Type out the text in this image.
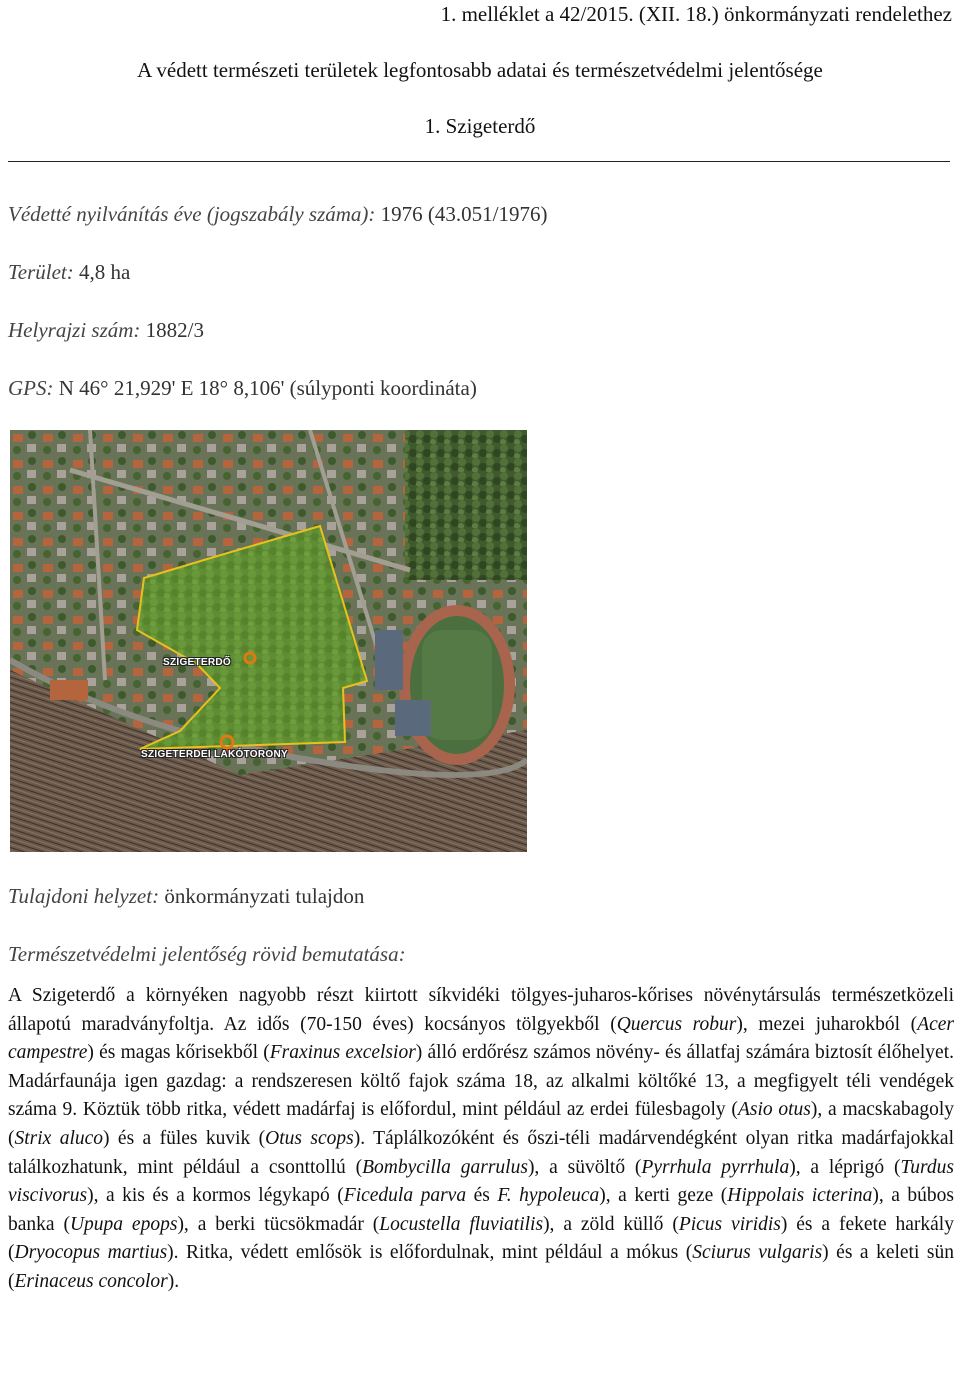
1. melléklet a 42/2015. (XII. 18.) önkormányzati rendelethez
A védett természeti területek legfontosabb adatai és természetvédelmi jelentősége
1. Szigeterdő
Védetté nyilvánítás éve (jogszabály száma): 1976 (43.051/1976)
Terület: 4,8 ha
Helyrajzi szám: 1882/3
GPS: N 46° 21,929' E 18° 8,106' (súlyponti koordináta)
SZIGETERDŐ
SZIGETERDEI LAKÓTORONY
Tulajdoni helyzet: önkormányzati tulajdon
Természetvédelmi jelentőség rövid bemutatása:
A Szigeterdő a környéken nagyobb részt kiirtott síkvidéki tölgyes-juharos-kőrises növénytársulás természetközeli állapotú maradványfoltja. Az idős (70-150 éves) kocsányos tölgyekből (Quercus robur), mezei juharokból (Acer campestre) és magas kőrisekből (Fraxinus excelsior) álló erdőrész számos növény- és állatfaj számára biztosít élőhelyet. Madárfaunája igen gazdag: a rendszeresen költő fajok száma 18, az alkalmi költőké 13, a megfigyelt téli vendégek száma 9. Köztük több ritka, védett madárfaj is előfordul, mint például az erdei fülesbagoly (Asio otus), a macskabagoly (Strix aluco) és a füles kuvik (Otus scops). Táplálkozóként és őszi-téli madárvendégként olyan ritka madárfajokkal találkozhatunk, mint például a csonttollú (Bombycilla garrulus), a süvöltő (Pyrrhula pyrrhula), a léprigó (Turdus viscivorus), a kis és a kormos légykapó (Ficedula parva és F. hypoleuca), a kerti geze (Hippolais icterina), a búbos banka (Upupa epops), a berki tücsökmadár (Locustella fluviatilis), a zöld küllő (Picus viridis) és a fekete harkály (Dryocopus martius). Ritka, védett emlősök is előfordulnak, mint például a mókus (Sciurus vulgaris) és a keleti sün (Erinaceus concolor).
